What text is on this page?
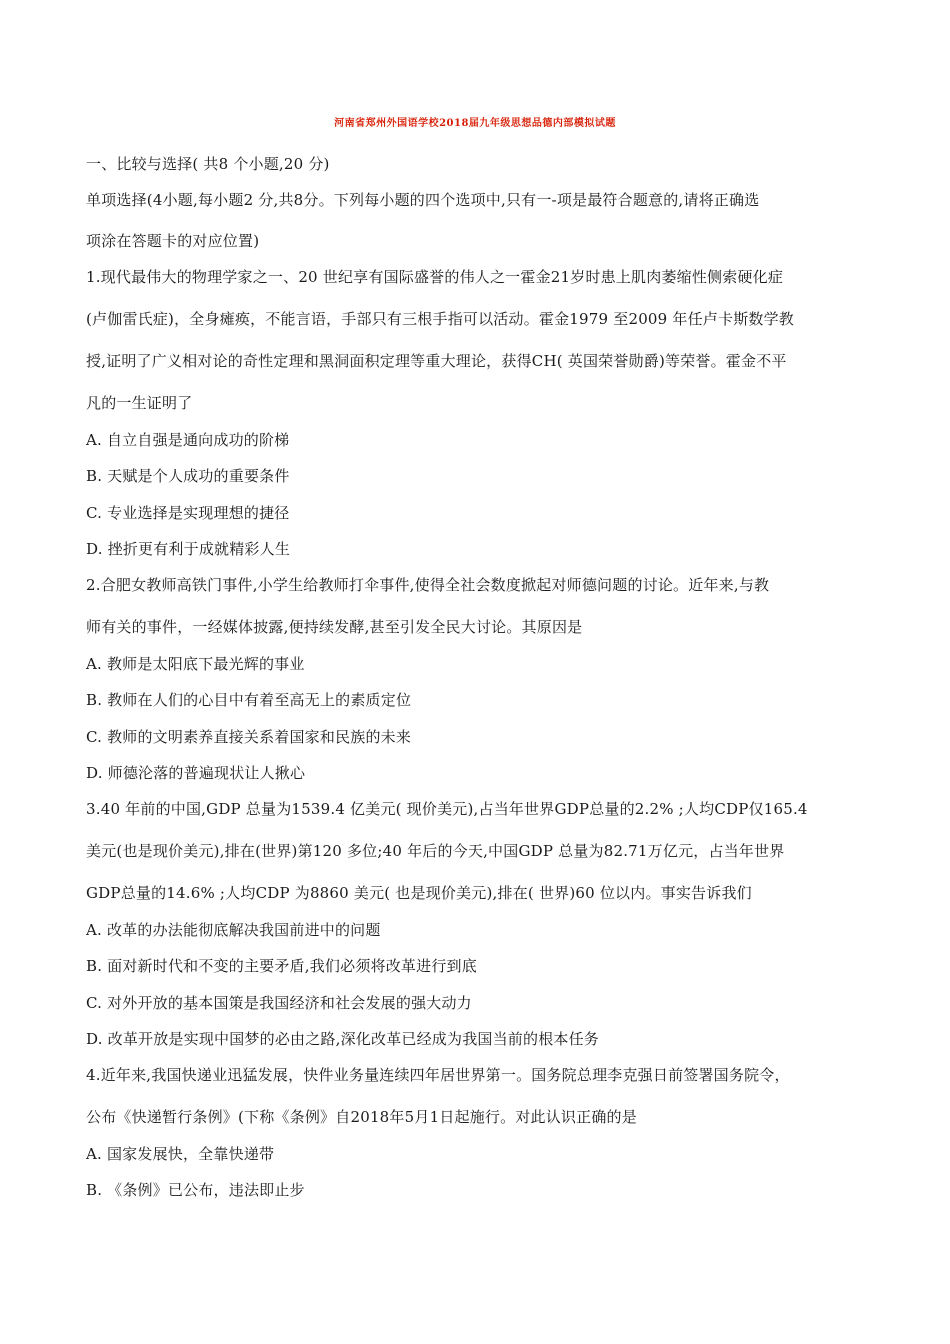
河南省郑州外国语学校2018届九年级思想品德内部模拟试题
一、比较与选择( 共8 个小题,20 分)
单项选择(4小题,每小题2 分,共8分。下列每小题的四个选项中,只有一-项是最符合题意的,请将正确选
项涂在答题卡的对应位置)
1.现代最伟大的物理学家之一、20 世纪享有国际盛誉的伟人之一霍金21岁时患上肌肉萎缩性侧索硬化症
(卢伽雷氏症)，全身瘫痪，不能言语，手部只有三根手指可以活动。霍金1979 至2009 年任卢卡斯数学教
授,证明了广义相对论的奇性定理和黑洞面积定理等重大理论，获得CH( 英国荣誉勋爵)等荣誉。霍金不平
凡的一生证明了
A. 自立自强是通向成功的阶梯
B. 天赋是个人成功的重要条件
C. 专业选择是实现理想的捷径
D. 挫折更有利于成就精彩人生
2.合肥女教师高铁门事件,小学生给教师打伞事件,使得全社会数度掀起对师德问题的讨论。近年来,与教
师有关的事件，一经媒体披露,便持续发酵,甚至引发全民大讨论。其原因是
A. 教师是太阳底下最光辉的事业
B. 教师在人们的心目中有着至高无上的素质定位
C. 教师的文明素养直接关系着国家和民族的未来
D. 师德沦落的普遍现状让人揪心
3.40 年前的中国,GDP 总量为1539.4 亿美元( 现价美元),占当年世界GDP总量的2.2% ;人均CDP仅165.4
美元(也是现价美元),排在(世界)第120 多位;40 年后的今天,中国GDP 总量为82.71万亿元，占当年世界
GDP总量的14.6% ;人均CDP 为8860 美元( 也是现价美元),排在( 世界)60 位以内。事实告诉我们
A. 改革的办法能彻底解决我国前进中的问题
B. 面对新时代和不变的主要矛盾,我们必须将改革进行到底
C. 对外开放的基本国策是我国经济和社会发展的强大动力
D. 改革开放是实现中国梦的必由之路,深化改革已经成为我国当前的根本任务
4.近年来,我国快递业迅猛发展，快件业务量连续四年居世界第一。国务院总理李克强日前签署国务院令，
公布《快递暂行条例》(下称《条例》自2018年5月1日起施行。对此认识正确的是
A. 国家发展快，全靠快递带
B. 《条例》已公布，违法即止步
